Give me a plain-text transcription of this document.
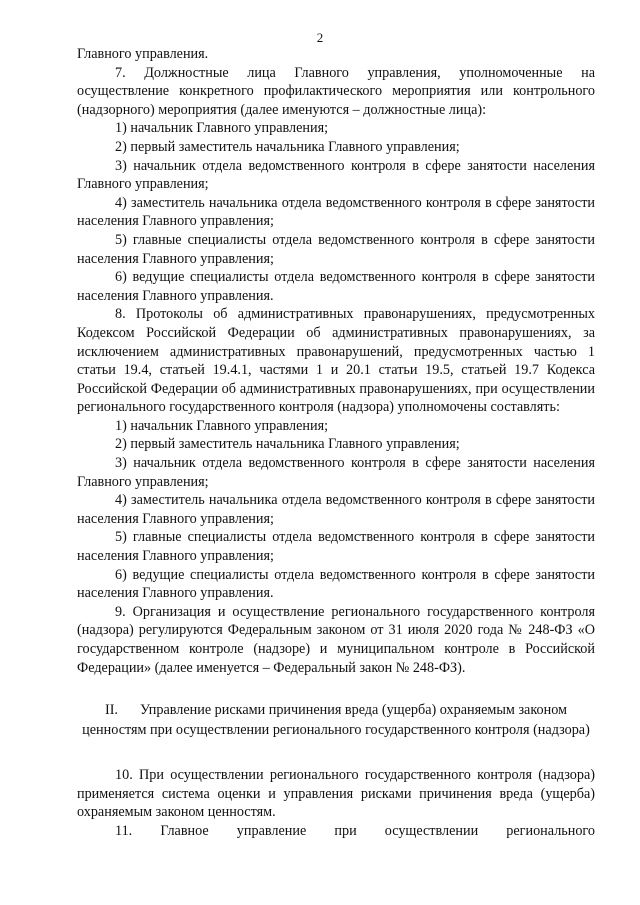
2

Главного управления.

7. Должностные лица Главного управления, уполномоченные на осуществление конкретного профилактического мероприятия или контрольного (надзорного) мероприятия (далее именуются – должностные лица):

1) начальник Главного управления;

2) первый заместитель начальника Главного управления;

3) начальник отдела ведомственного контроля в сфере занятости населения Главного управления;

4) заместитель начальника отдела ведомственного контроля в сфере занятости населения Главного управления;

5) главные специалисты отдела ведомственного контроля в сфере занятости населения Главного управления;

6) ведущие специалисты отдела ведомственного контроля в сфере занятости населения Главного управления.

8. Протоколы об административных правонарушениях, предусмотренных Кодексом Российской Федерации об административных правонарушениях, за исключением административных правонарушений, предусмотренных частью 1 статьи 19.4, статьей 19.4.1, частями 1 и 20.1 статьи 19.5, статьей 19.7 Кодекса Российской Федерации об административных правонарушениях, при осуществлении регионального государственного контроля (надзора) уполномочены составлять:

1) начальник Главного управления;

2) первый заместитель начальника Главного управления;

3) начальник отдела ведомственного контроля в сфере занятости населения Главного управления;

4) заместитель начальника отдела ведомственного контроля в сфере занятости населения Главного управления;

5) главные специалисты отдела ведомственного контроля в сфере занятости населения Главного управления;

6) ведущие специалисты отдела ведомственного контроля в сфере занятости населения Главного управления.

9. Организация и осуществление регионального государственного контроля (надзора) регулируются Федеральным законом от 31 июля 2020 года № 248-ФЗ «О государственном контроле (надзоре) и муниципальном контроле в Российской Федерации» (далее именуется – Федеральный закон № 248-ФЗ).

II. Управление рисками причинения вреда (ущерба) охраняемым законом ценностям при осуществлении регионального государственного контроля (надзора)

10. При осуществлении регионального государственного контроля (надзора) применяется система оценки и управления рисками причинения вреда (ущерба) охраняемым законом ценностям.

11. Главное управление при осуществлении регионального
